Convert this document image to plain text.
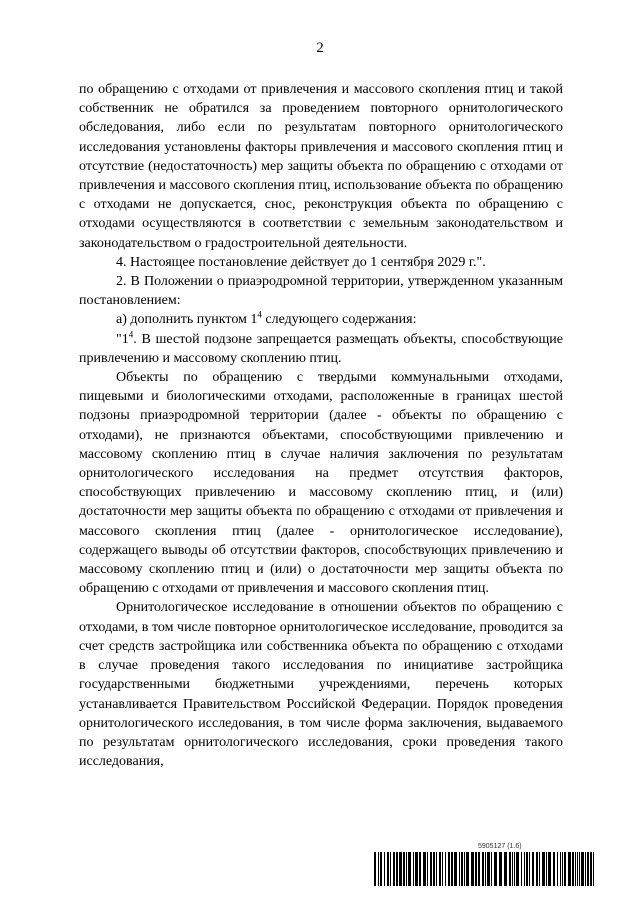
2

по обращению с отходами от привлечения и массового скопления птиц и такой собственник не обратился за проведением повторного орнитологического обследования, либо если по результатам повторного орнитологического исследования установлены факторы привлечения и массового скопления птиц и отсутствие (недостаточность) мер защиты объекта по обращению с отходами от привлечения и массового скопления птиц, использование объекта по обращению с отходами не допускается, снос, реконструкция объекта по обращению с отходами осуществляются в соответствии с земельным законодательством и законодательством о градостроительной деятельности.

4. Настоящее постановление действует до 1 сентября 2029 г.".

2. В Положении о приаэродромной территории, утвержденном указанным постановлением:

а) дополнить пунктом $1^4$ следующего содержания:

"$1^4$. В шестой подзоне запрещается размещать объекты, способствующие привлечению и массовому скоплению птиц.

Объекты по обращению с твердыми коммунальными отходами, пищевыми и биологическими отходами, расположенные в границах шестой подзоны приаэродромной территории (далее - объекты по обращению с отходами), не признаются объектами, способствующими привлечению и массовому скоплению птиц в случае наличия заключения по результатам орнитологического исследования на предмет отсутствия факторов, способствующих привлечению и массовому скоплению птиц, и (или) достаточности мер защиты объекта по обращению с отходами от привлечения и массового скопления птиц (далее - орнитологическое исследование), содержащего выводы об отсутствии факторов, способствующих привлечению и массовому скоплению птиц и (или) о достаточности мер защиты объекта по обращению с отходами от привлечения и массового скопления птиц.

Орнитологическое исследование в отношении объектов по обращению с отходами, в том числе повторное орнитологическое исследование, проводится за счет средств застройщика или собственника объекта по обращению с отходами в случае проведения такого исследования по инициативе застройщика государственными бюджетными учреждениями, перечень которых устанавливается Правительством Российской Федерации. Порядок проведения орнитологического исследования, в том числе форма заключения, выдаваемого по результатам орнитологического исследования, сроки проведения такого исследования,

5905127 (1.6)
